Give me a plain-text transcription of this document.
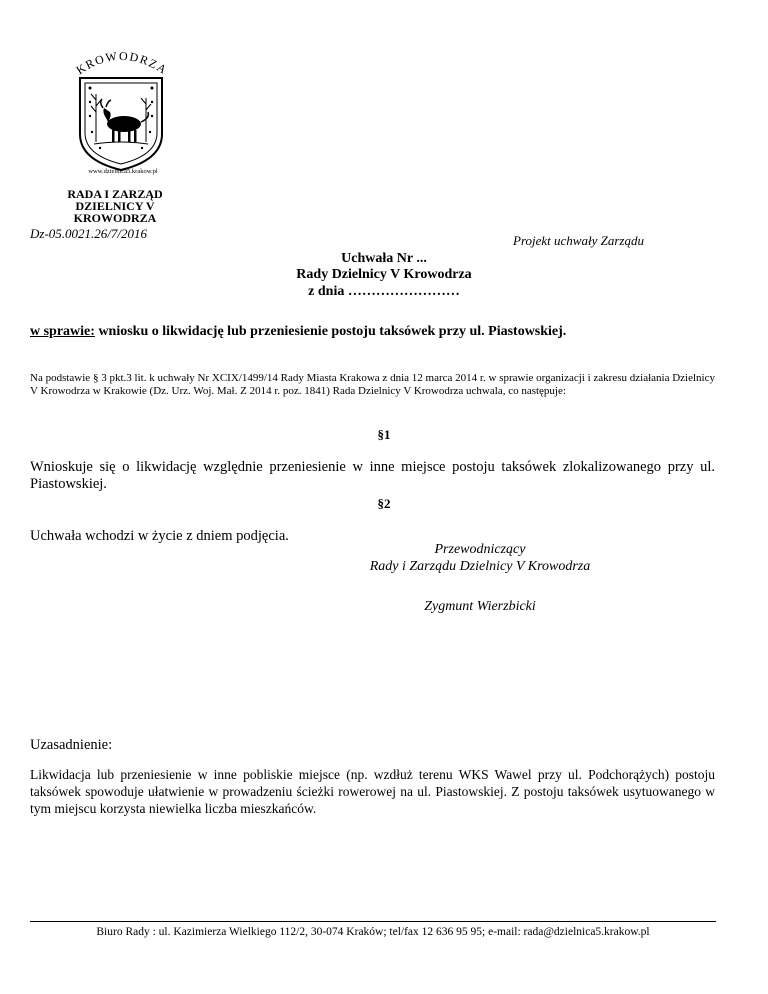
KROWODRZA
www.dzielnica5.krakow.pl
RADA I ZARZĄD
DZIELNICY V
KROWODRZA
Dz-05.0021.26/7/2016	Projekt uchwały Zarządu
Uchwała Nr ...
Rady Dzielnicy V Krowodrza
z dnia ……………………
w sprawie: wniosku o likwidację lub przeniesienie postoju taksówek przy ul. Piastowskiej.
Na podstawie § 3 pkt.3 lit. k uchwały Nr XCIX/1499/14 Rady Miasta Krakowa z dnia 12 marca 2014 r. w sprawie organizacji i zakresu działania Dzielnicy V Krowodrza w Krakowie (Dz. Urz. Woj. Mał. Z 2014 r. poz. 1841) Rada Dzielnicy V Krowodrza uchwala, co następuje:
§1
Wnioskuje się o likwidację względnie przeniesienie w inne miejsce postoju taksówek zlokalizowanego przy ul. Piastowskiej.
§2
Uchwała wchodzi w życie z dniem podjęcia.
Przewodniczący
Rady i Zarządu Dzielnicy V Krowodrza
Zygmunt Wierzbicki
Uzasadnienie:
Likwidacja lub przeniesienie w inne pobliskie miejsce (np. wzdłuż terenu WKS Wawel przy ul. Podchorążych) postoju taksówek spowoduje ułatwienie w prowadzeniu ścieżki rowerowej na ul. Piastowskiej. Z postoju taksówek usytuowanego w tym miejscu korzysta niewielka liczba mieszkańców.
Biuro Rady : ul. Kazimierza Wielkiego 112/2, 30-074 Kraków; tel/fax 12 636 95 95; e-mail: rada@dzielnica5.krakow.pl
